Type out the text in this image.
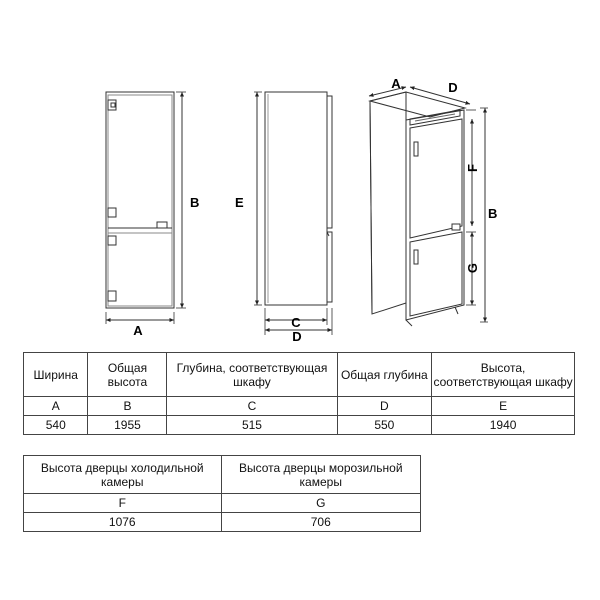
A
B	E
C
D
A	D
F
B
G
Ширина	Общая высота	Глубина, соответствующая шкафу	Общая глубина	Высота, соответствующая шкафу
A	B	C	D	E
540	1955	515	550	1940
Высота дверцы холодильной камеры	Высота дверцы морозильной камеры
F	G
1076	706
